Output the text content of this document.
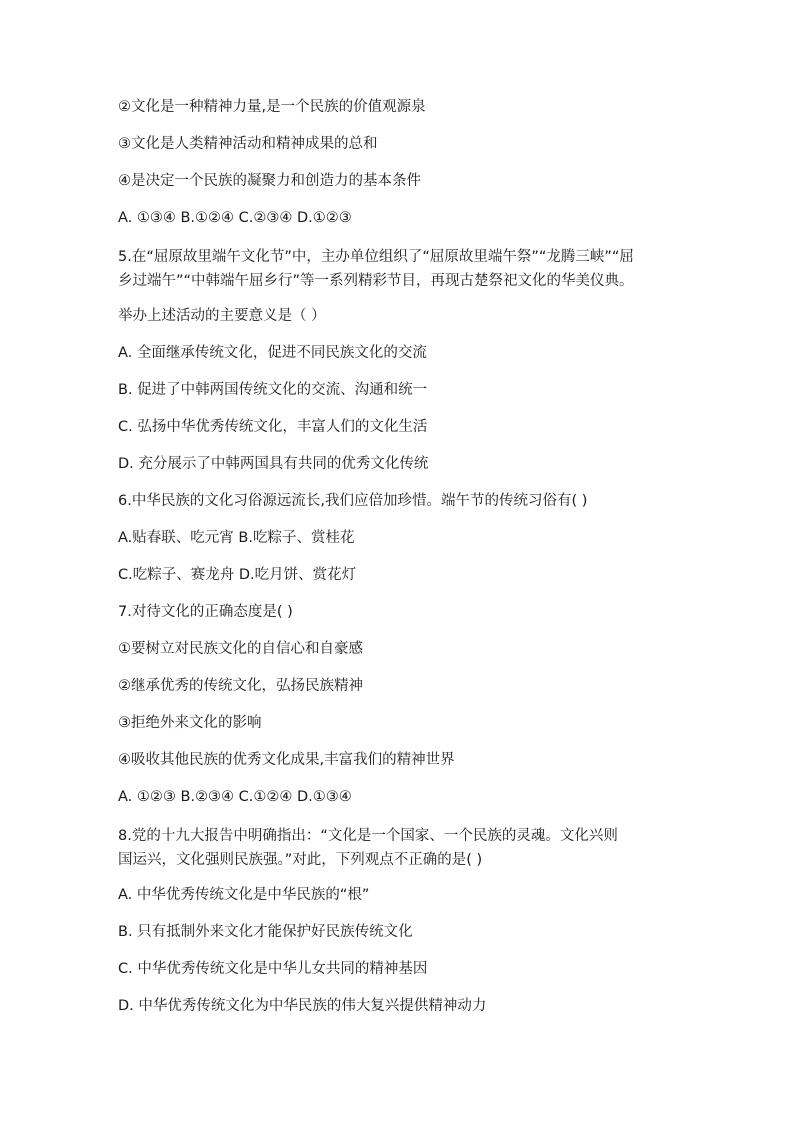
②文化是一种精神力量,是一个民族的价值观源泉

③文化是人类精神活动和精神成果的总和

④是决定一个民族的凝聚力和创造力的基本条件

A. ①③④ B.①②④ C.②③④ D.①②③

5.在“屈原故里端午文化节”中，主办单位组织了“屈原故里端午祭”“龙腾三峡”“屈
乡过端午”“中韩端午屈乡行”等一系列精彩节目，再现古楚祭祀文化的华美仪典。

举办上述活动的主要意义是（ ）

A. 全面继承传统文化，促进不同民族文化的交流

B. 促进了中韩两国传统文化的交流、沟通和统一

C. 弘扬中华优秀传统文化，丰富人们的文化生活

D. 充分展示了中韩两国具有共同的优秀文化传统

6.中华民族的文化习俗源远流长,我们应倍加珍惜。端午节的传统习俗有( )

A.贴春联、吃元宵 B.吃粽子、赏桂花

C.吃粽子、赛龙舟 D.吃月饼、赏花灯

7.对待文化的正确态度是( )

①要树立对民族文化的自信心和自豪感

②继承优秀的传统文化，弘扬民族精神

③拒绝外来文化的影响

④吸收其他民族的优秀文化成果,丰富我们的精神世界

A. ①②③ B.②③④ C.①②④ D.①③④

8.党的十九大报告中明确指出：“文化是一个国家、一个民族的灵魂。文化兴则
国运兴，文化强则民族强。”对此，下列观点不正确的是( )

A. 中华优秀传统文化是中华民族的“根”

B. 只有抵制外来文化才能保护好民族传统文化

C. 中华优秀传统文化是中华儿女共同的精神基因

D. 中华优秀传统文化为中华民族的伟大复兴提供精神动力
